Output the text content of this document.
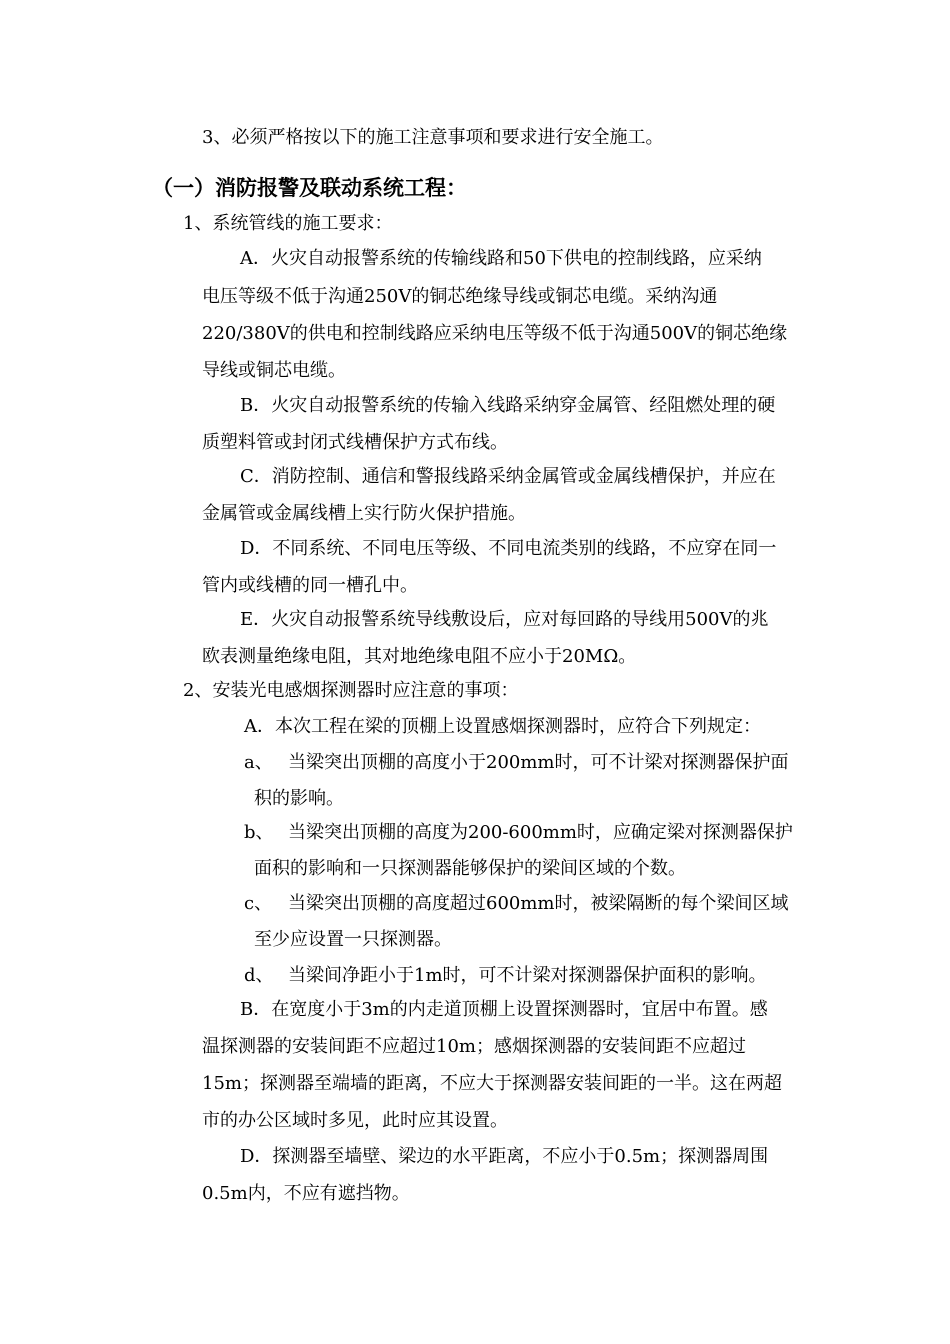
3、必须严格按以下的施工注意事项和要求进行安全施工。
（一）消防报警及联动系统工程：
1、系统管线的施工要求：
A．火灾自动报警系统的传输线路和50下供电的控制线路，应采纳
电压等级不低于沟通250V的铜芯绝缘导线或铜芯电缆。采纳沟通
220/380V的供电和控制线路应采纳电压等级不低于沟通500V的铜芯绝缘
导线或铜芯电缆。
B．火灾自动报警系统的传输入线路采纳穿金属管、经阻燃处理的硬
质塑料管或封闭式线槽保护方式布线。
C．消防控制、通信和警报线路采纳金属管或金属线槽保护，并应在
金属管或金属线槽上实行防火保护措施。
D．不同系统、不同电压等级、不同电流类别的线路，不应穿在同一
管内或线槽的同一槽孔中。
E．火灾自动报警系统导线敷设后，应对每回路的导线用500V的兆
欧表测量绝缘电阻，其对地绝缘电阻不应小于20MΩ。
2、安装光电感烟探测器时应注意的事项：
A．本次工程在梁的顶棚上设置感烟探测器时，应符合下列规定：
a、 当梁突出顶棚的高度小于200mm时，可不计梁对探测器保护面
积的影响。
b、 当梁突出顶棚的高度为200-600mm时，应确定梁对探测器保护
面积的影响和一只探测器能够保护的梁间区域的个数。
c、 当梁突出顶棚的高度超过600mm时，被梁隔断的每个梁间区域
至少应设置一只探测器。
d、 当梁间净距小于1m时，可不计梁对探测器保护面积的影响。
B．在宽度小于3m的内走道顶棚上设置探测器时，宜居中布置。感
温探测器的安装间距不应超过10m；感烟探测器的安装间距不应超过
15m；探测器至端墙的距离，不应大于探测器安装间距的一半。这在两超
市的办公区域时多见，此时应其设置。
D．探测器至墙壁、梁边的水平距离，不应小于0.5m；探测器周围
0.5m内，不应有遮挡物。
